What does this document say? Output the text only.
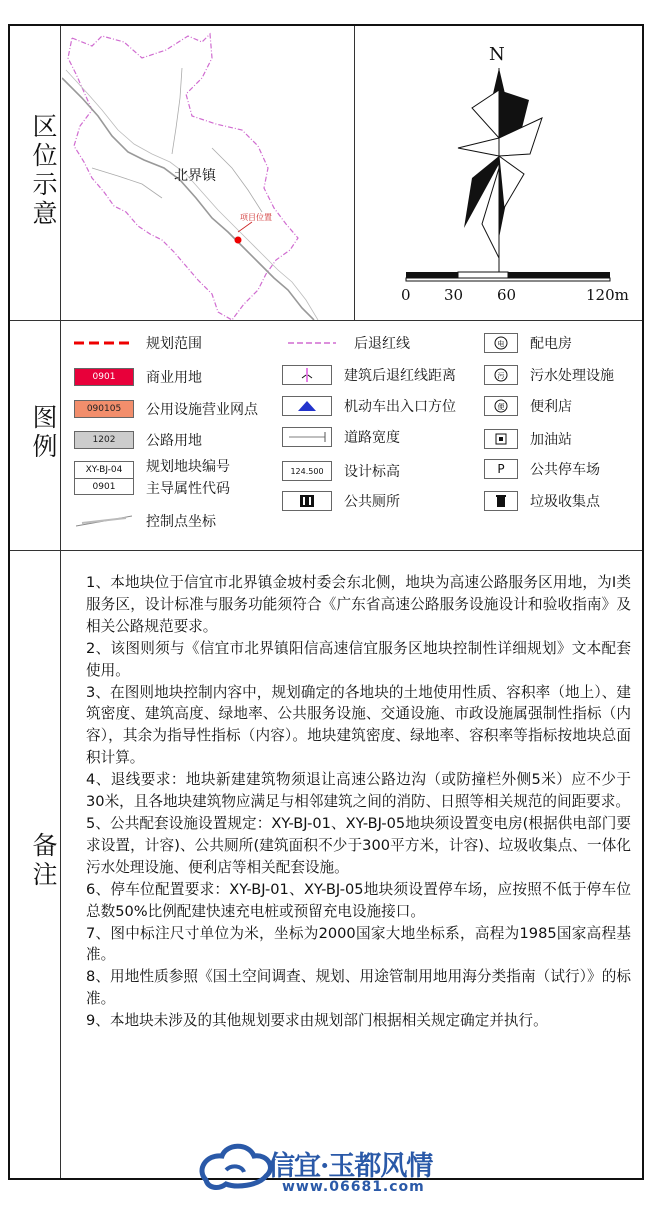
区位示意
图例
备注
北界镇
项目位置
N
0 30 60	120m
规划范围
0901	商业用地
090105	公用设施营业网点
1202	公路用地
XY-BJ-04
0901
规划地块编号
主导属性代码
控制点坐标
后退红线
建筑后退红线距离
机动车出入口方位
道路宽度
124.500	设计标高
公共厕所
电 配电房
污 污水处理设施
便 便利店
加油站
P	公共停车场
垃圾收集点

1、本地块位于信宜市北界镇金坡村委会东北侧，地块为高速公路服务区用地，为Ⅰ类服务区，设计标准与服务功能须符合《广东省高速公路服务设施设计和验收指南》及相关公路规范要求。

2、该图则须与《信宜市北界镇阳信高速信宜服务区地块控制性详细规划》文本配套使用。

3、在图则地块控制内容中，规划确定的各地块的土地使用性质、容积率（地上）、建筑密度、建筑高度、绿地率、公共服务设施、交通设施、市政设施属强制性指标（内容），其余为指导性指标（内容）。地块建筑密度、绿地率、容积率等指标按地块总面积计算。

4、退线要求：地块新建建筑物须退让高速公路边沟（或防撞栏外侧5米）应不少于30米，且各地块建筑物应满足与相邻建筑之间的消防、日照等相关规范的间距要求。

5、公共配套设施设置规定：XY-BJ-01、XY-BJ-05地块须设置变电房(根据供电部门要求设置，计容)、公共厕所(建筑面积不少于300平方米，计容)、垃圾收集点、一体化污水处理设施、便利店等相关配套设施。

6、停车位配置要求：XY-BJ-01、XY-BJ-05地块须设置停车场，应按照不低于停车位总数50%比例配建快速充电桩或预留充电设施接口。

7、图中标注尺寸单位为米，坐标为2000国家大地坐标系，高程为1985国家高程基准。

8、用地性质参照《国土空间调查、规划、用途管制用地用海分类指南（试行）》的标准。

9、本地块未涉及的其他规划要求由规划部门根据相关规定确定并执行。

信宜·玉都风情
www.06681.com
